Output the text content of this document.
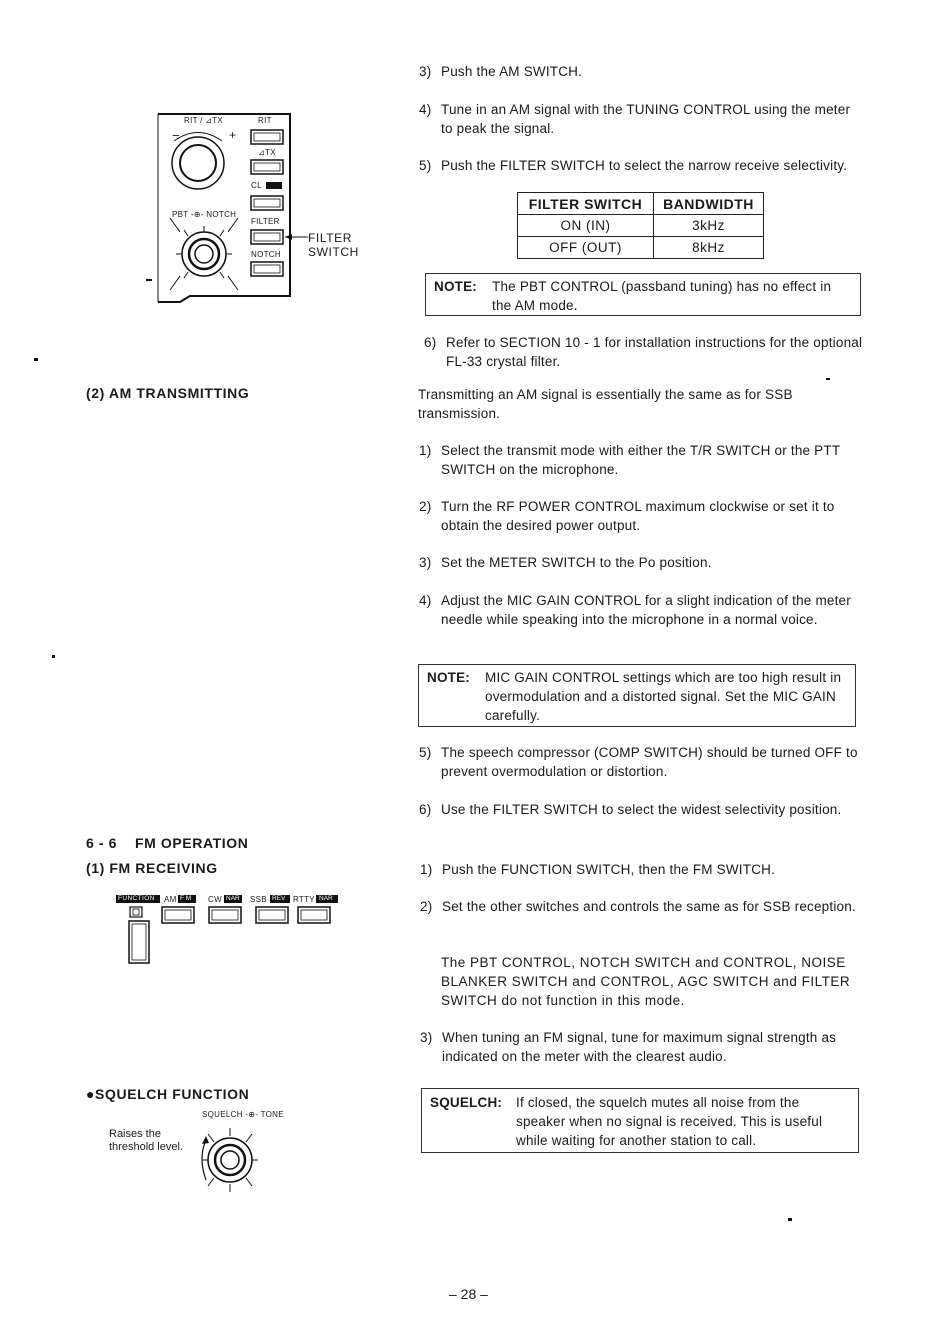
RIT / ⊿TX	RIT
−	+
⊿TX
CL
PBT -⊕- NOTCH
FILTER
NOTCH
FILTER
SWITCH
(2) AM TRANSMITTING
6 - 6    FM OPERATION
(1) FM RECEIVING
FUNCTION AM F M CW NAR SSB REV RTTY NAR
●SQUELCH FUNCTION
SQUELCH -⊕- TONE
Raises the
threshold level.
3) Push the AM SWITCH.
4) Tune in an AM signal with the TUNING CONTROL using the meter to peak the signal.
5) Push the FILTER SWITCH to select the narrow receive selectivity.
FILTER SWITCH	BANDWIDTH
ON (IN)	3kHz
OFF (OUT)	8kHz
NOTE: The PBT CONTROL (passband tuning) has no effect in the AM mode.
6) Refer to SECTION 10 - 1 for installation instructions for the optional FL-33 crystal filter.
Transmitting an AM signal is essentially the same as for SSB transmission.
1) Select the transmit mode with either the T/R SWITCH or the PTT SWITCH on the microphone.
2) Turn the RF POWER CONTROL maximum clockwise or set it to obtain the desired power output.
3) Set the METER SWITCH to the Po position.
4) Adjust the MIC GAIN CONTROL for a slight indication of the meter needle while speaking into the microphone in a normal voice.
NOTE: MIC GAIN CONTROL settings which are too high result in overmodulation and a distorted signal. Set the MIC GAIN carefully.
5) The speech compressor (COMP SWITCH) should be turned OFF to prevent overmodulation or distortion.
6) Use the FILTER SWITCH to select the widest selectivity position.
1) Push the FUNCTION SWITCH, then the FM SWITCH.
2) Set the other switches and controls the same as for SSB reception.
The PBT CONTROL, NOTCH SWITCH and CONTROL, NOISE BLANKER SWITCH and CONTROL, AGC SWITCH and FILTER SWITCH do not function in this mode.
3) When tuning an FM signal, tune for maximum signal strength as indicated on the meter with the clearest audio.
SQUELCH: If closed, the squelch mutes all noise from the speaker when no signal is received. This is useful while waiting for another station to call.
– 28 –
